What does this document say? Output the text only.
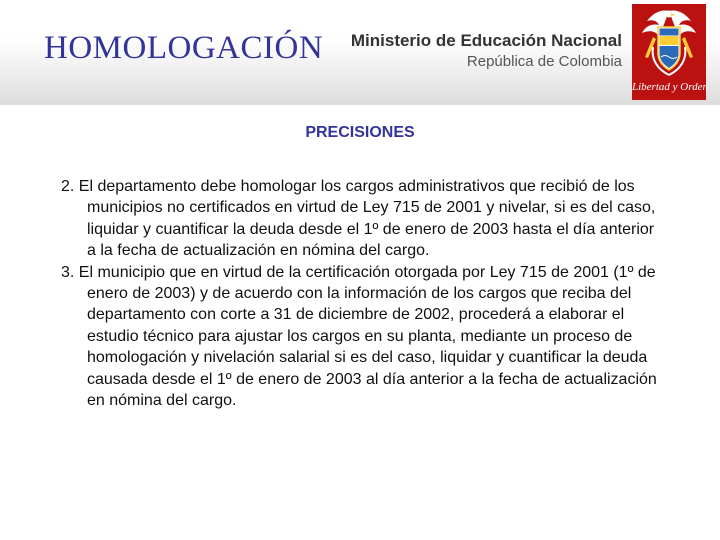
HOMOLOGACIÓN Ministerio de Educación Nacional
República de Colombia
Libertad y Orden
PRECISIONES

2. El departamento debe homologar los cargos administrativos que recibió de los municipios no certificados en virtud de Ley 715 de 2001 y nivelar, si es del caso, liquidar y cuantificar la deuda desde el 1º de enero de 2003 hasta el día anterior a la fecha de actualización en nómina del cargo.

3. El municipio que en virtud de la certificación otorgada por Ley 715 de 2001 (1º de enero de 2003) y de acuerdo con la información de los cargos que reciba del departamento con corte a 31 de diciembre de 2002, procederá a elaborar el estudio técnico para ajustar los cargos en su planta, mediante un proceso de homologación y nivelación salarial si es del caso, liquidar y cuantificar la deuda causada desde el 1º de enero de 2003 al día anterior a la fecha de actualización en nómina del cargo.
